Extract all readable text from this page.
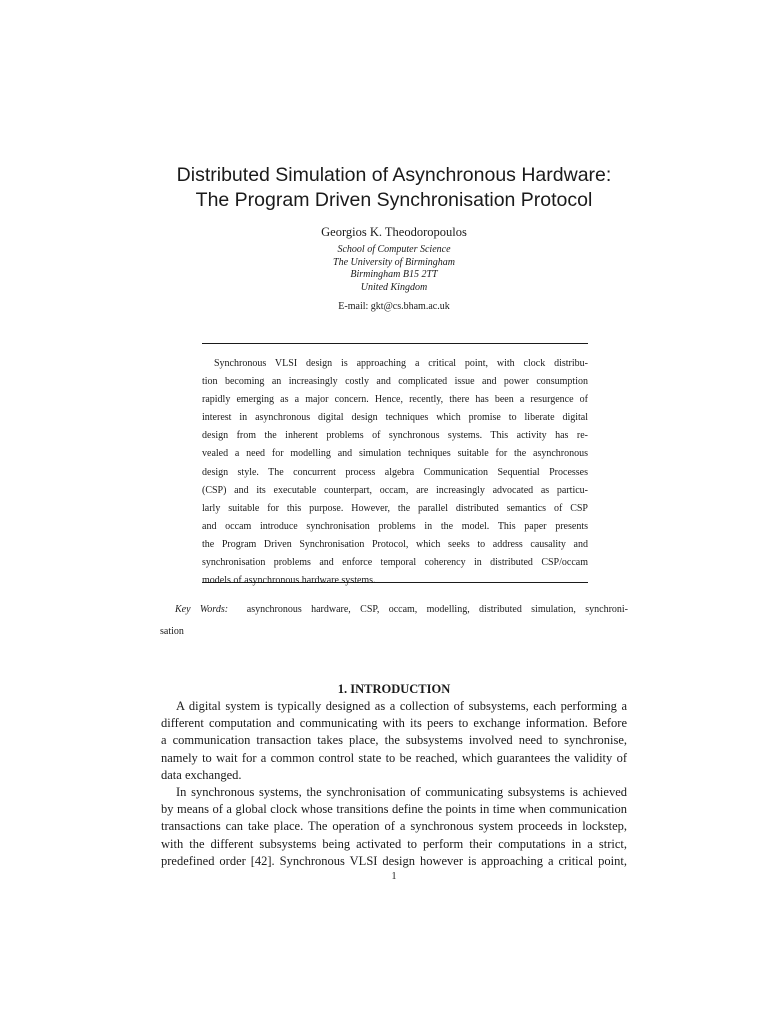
Distributed Simulation of Asynchronous Hardware:
The Program Driven Synchronisation Protocol
Georgios K. Theodoropoulos
School of Computer Science
The University of Birmingham
Birmingham B15 2TT
United Kingdom
E-mail: gkt@cs.bham.ac.uk
Synchronous VLSI design is approaching a critical point, with clock distribu-
tion becoming an increasingly costly and complicated issue and power consumption
rapidly emerging as a major concern. Hence, recently, there has been a resurgence of
interest in asynchronous digital design techniques which promise to liberate digital
design from the inherent problems of synchronous systems. This activity has re-
vealed a need for modelling and simulation techniques suitable for the asynchronous
design style. The concurrent process algebra Communication Sequential Processes
(CSP) and its executable counterpart, occam, are increasingly advocated as particu-
larly suitable for this purpose. However, the parallel distributed semantics of CSP
and occam introduce synchronisation problems in the model. This paper presents
the Program Driven Synchronisation Protocol, which seeks to address causality and
synchronisation problems and enforce temporal coherency in distributed CSP/occam
models of asynchronous hardware systems.
Key Words: asynchronous hardware, CSP, occam, modelling, distributed simulation, synchroni-
sation
1. INTRODUCTION
A digital system is typically designed as a collection of subsystems, each performing a
different computation and communicating with its peers to exchange information. Before
a communication transaction takes place, the subsystems involved need to synchronise,
namely to wait for a common control state to be reached, which guarantees the validity of
data exchanged.
In synchronous systems, the synchronisation of communicating subsystems is achieved
by means of a global clock whose transitions define the points in time when communication
transactions can take place. The operation of a synchronous system proceeds in lockstep,
with the different subsystems being activated to perform their computations in a strict,
predefined order [42]. Synchronous VLSI design however is approaching a critical point,
1
